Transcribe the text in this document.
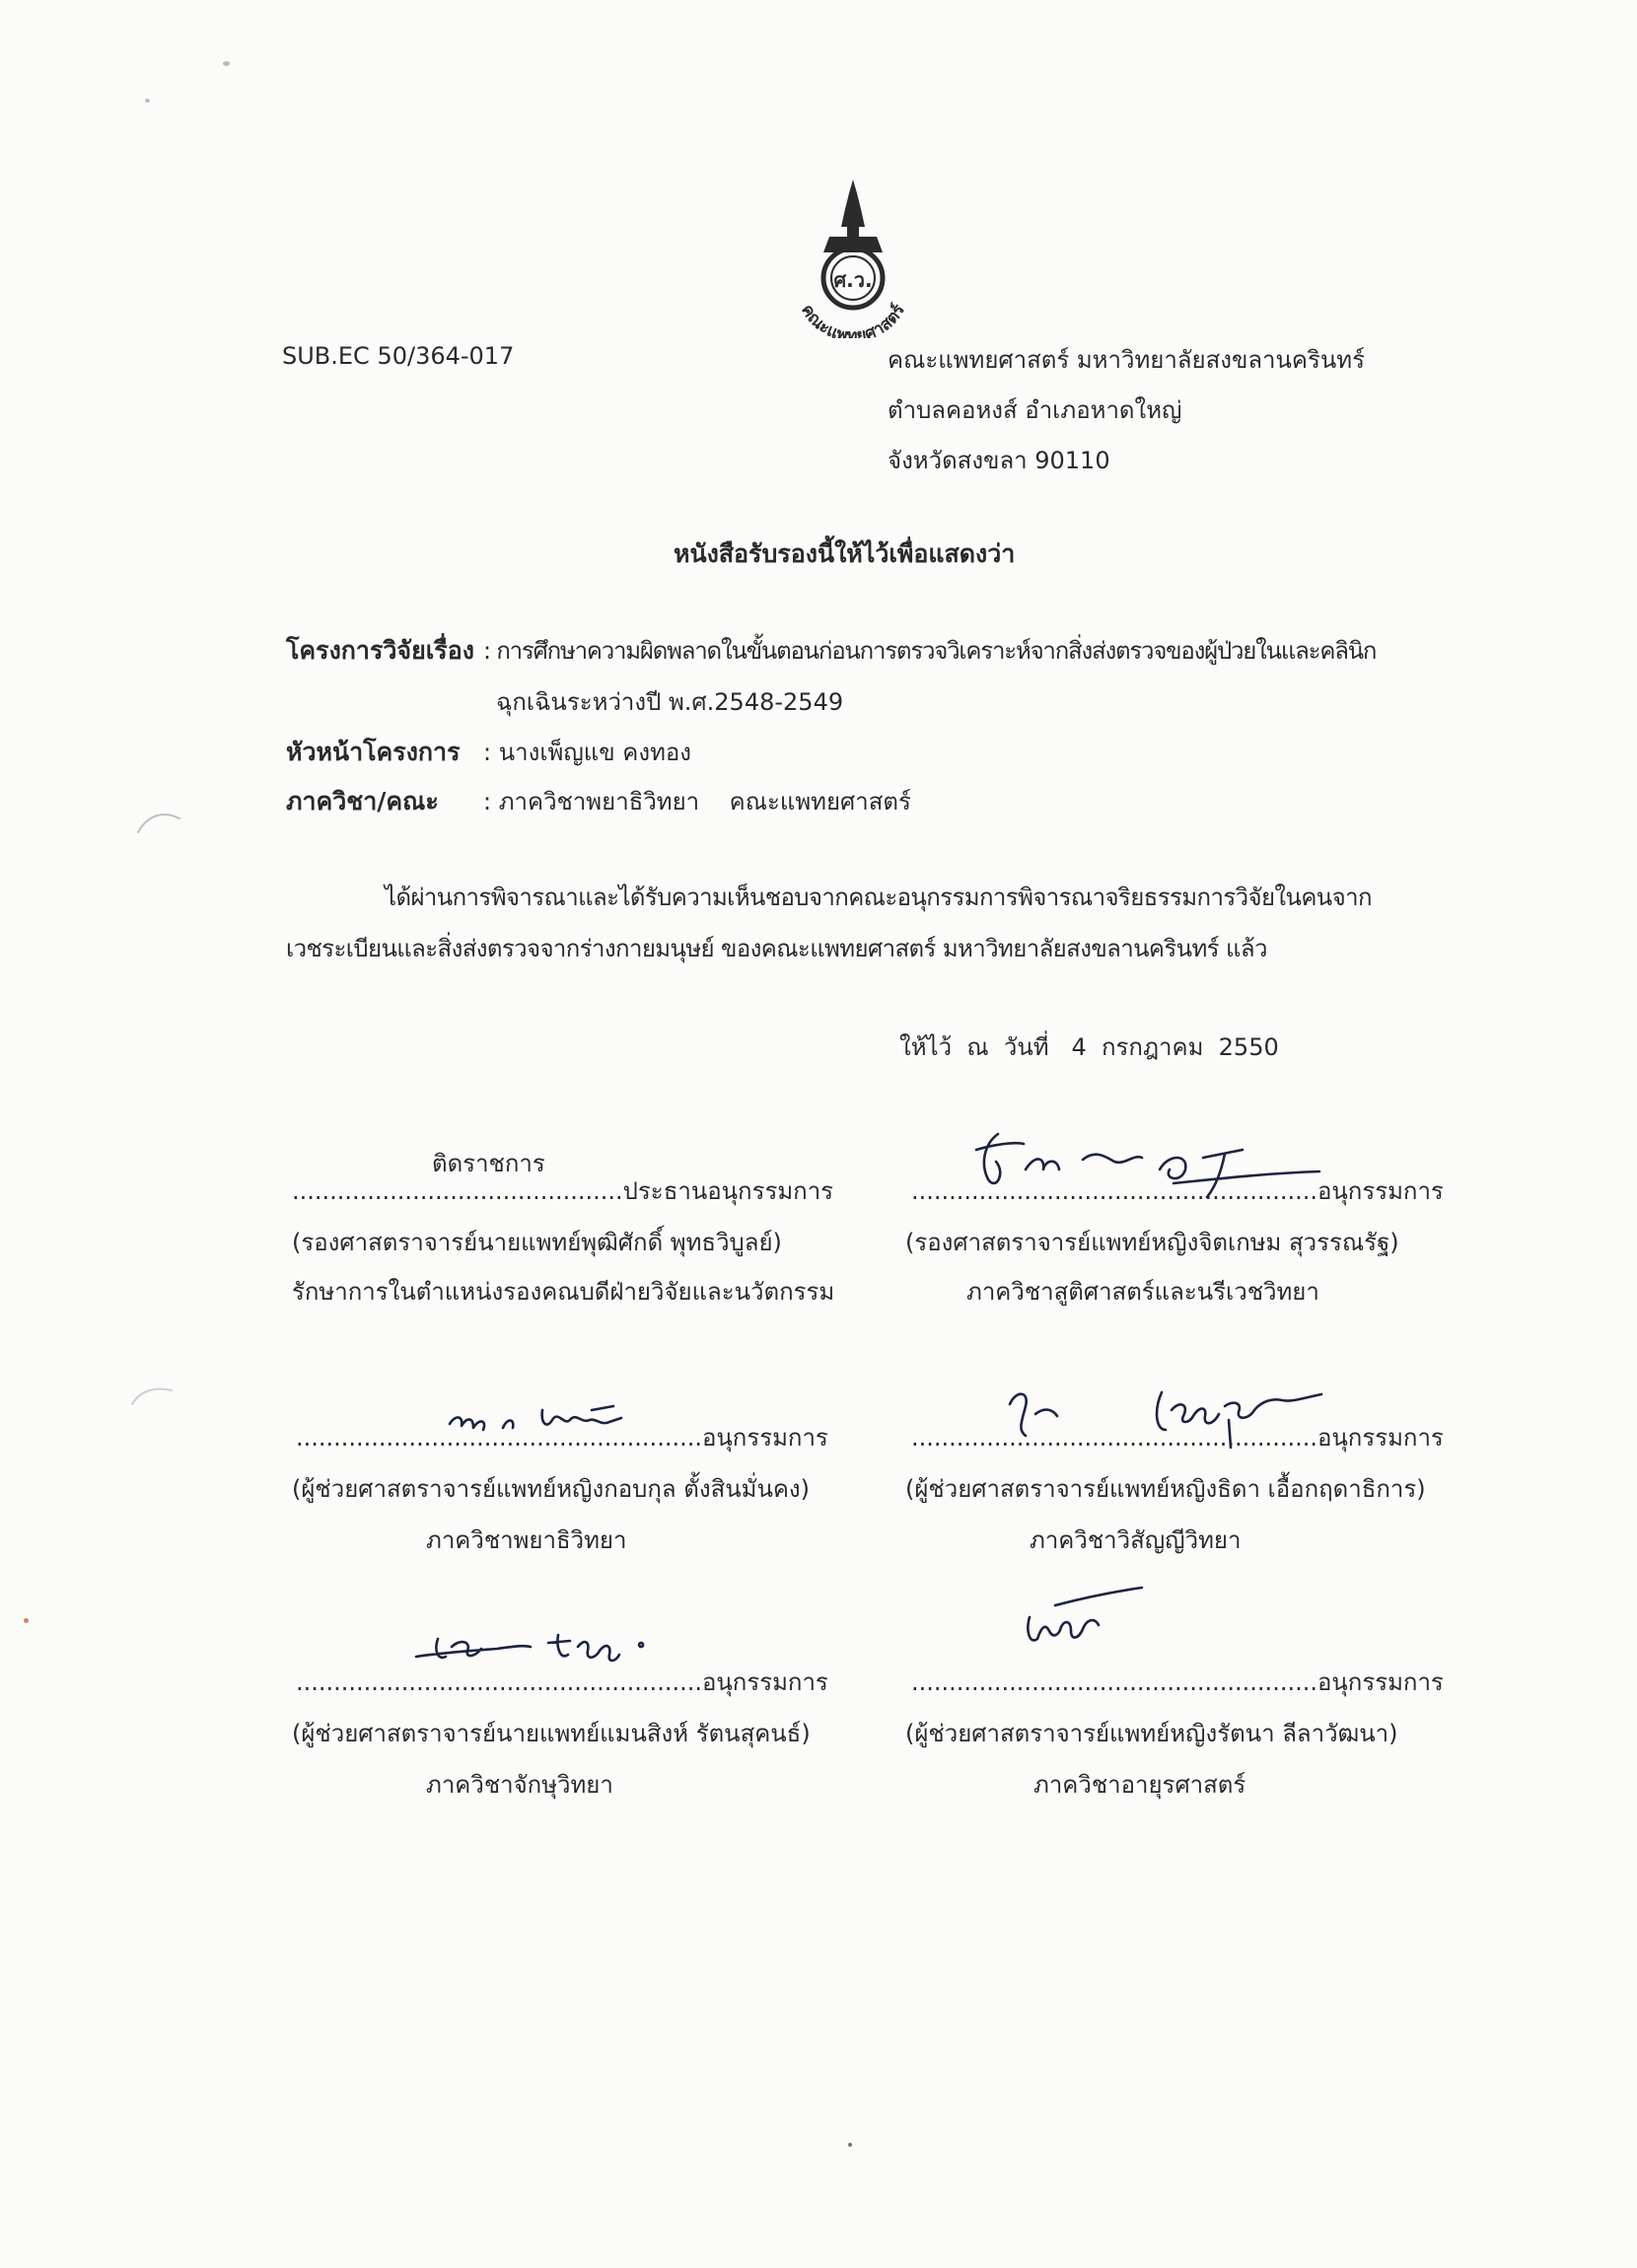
ศ.ว.
คณะแพทยศาสตร์
SUB.EC 50/364-017	คณะแพทยศาสตร์ มหาวิทยาลัยสงขลานครินทร์
ตำบลคอหงส์ อำเภอหาดใหญ่
จังหวัดสงขลา 90110
หนังสือรับรองนี้ให้ไว้เพื่อแสดงว่า
โครงการวิจัยเรื่อง : การศึกษาความผิดพลาดในขั้นตอนก่อนการตรวจวิเคราะห์จากสิ่งส่งตรวจของผู้ป่วยในและคลินิก
ฉุกเฉินระหว่างปี พ.ศ.2548-2549
หัวหน้าโครงการ : นางเพ็ญแข คงทอง
ภาควิชา/คณะ : ภาควิชาพยาธิวิทยา    คณะแพทยศาสตร์
ได้ผ่านการพิจารณาและได้รับความเห็นชอบจากคณะอนุกรรมการพิจารณาจริยธรรมการวิจัยในคนจาก
เวชระเบียนและสิ่งส่งตรวจจากร่างกายมนุษย์ ของคณะแพทยศาสตร์ มหาวิทยาลัยสงขลานครินทร์ แล้ว
ให้ไว้  ณ  วันที่   4  กรกฎาคม  2550
ติดราชการ
............................................ประธานอนุกรรมการ
(รองศาสตราจารย์นายแพทย์พุฒิศักดิ์ พุทธวิบูลย์)
รักษาการในตำแหน่งรองคณบดีฝ่ายวิจัยและนวัตกรรม
......................................................อนุกรรมการ
(รองศาสตราจารย์แพทย์หญิงจิตเกษม สุวรรณรัฐ)
ภาควิชาสูติศาสตร์และนรีเวชวิทยา
......................................................อนุกรรมการ
(ผู้ช่วยศาสตราจารย์แพทย์หญิงกอบกุล ตั้งสินมั่นคง)
ภาควิชาพยาธิวิทยา
......................................................อนุกรรมการ
(ผู้ช่วยศาสตราจารย์แพทย์หญิงธิดา เอื้อกฤดาธิการ)
ภาควิชาวิสัญญีวิทยา
......................................................อนุกรรมการ
(ผู้ช่วยศาสตราจารย์นายแพทย์แมนสิงห์ รัตนสุคนธ์)
ภาควิชาจักษุวิทยา
......................................................อนุกรรมการ
(ผู้ช่วยศาสตราจารย์แพทย์หญิงรัตนา ลีลาวัฒนา)
ภาควิชาอายุรศาสตร์
